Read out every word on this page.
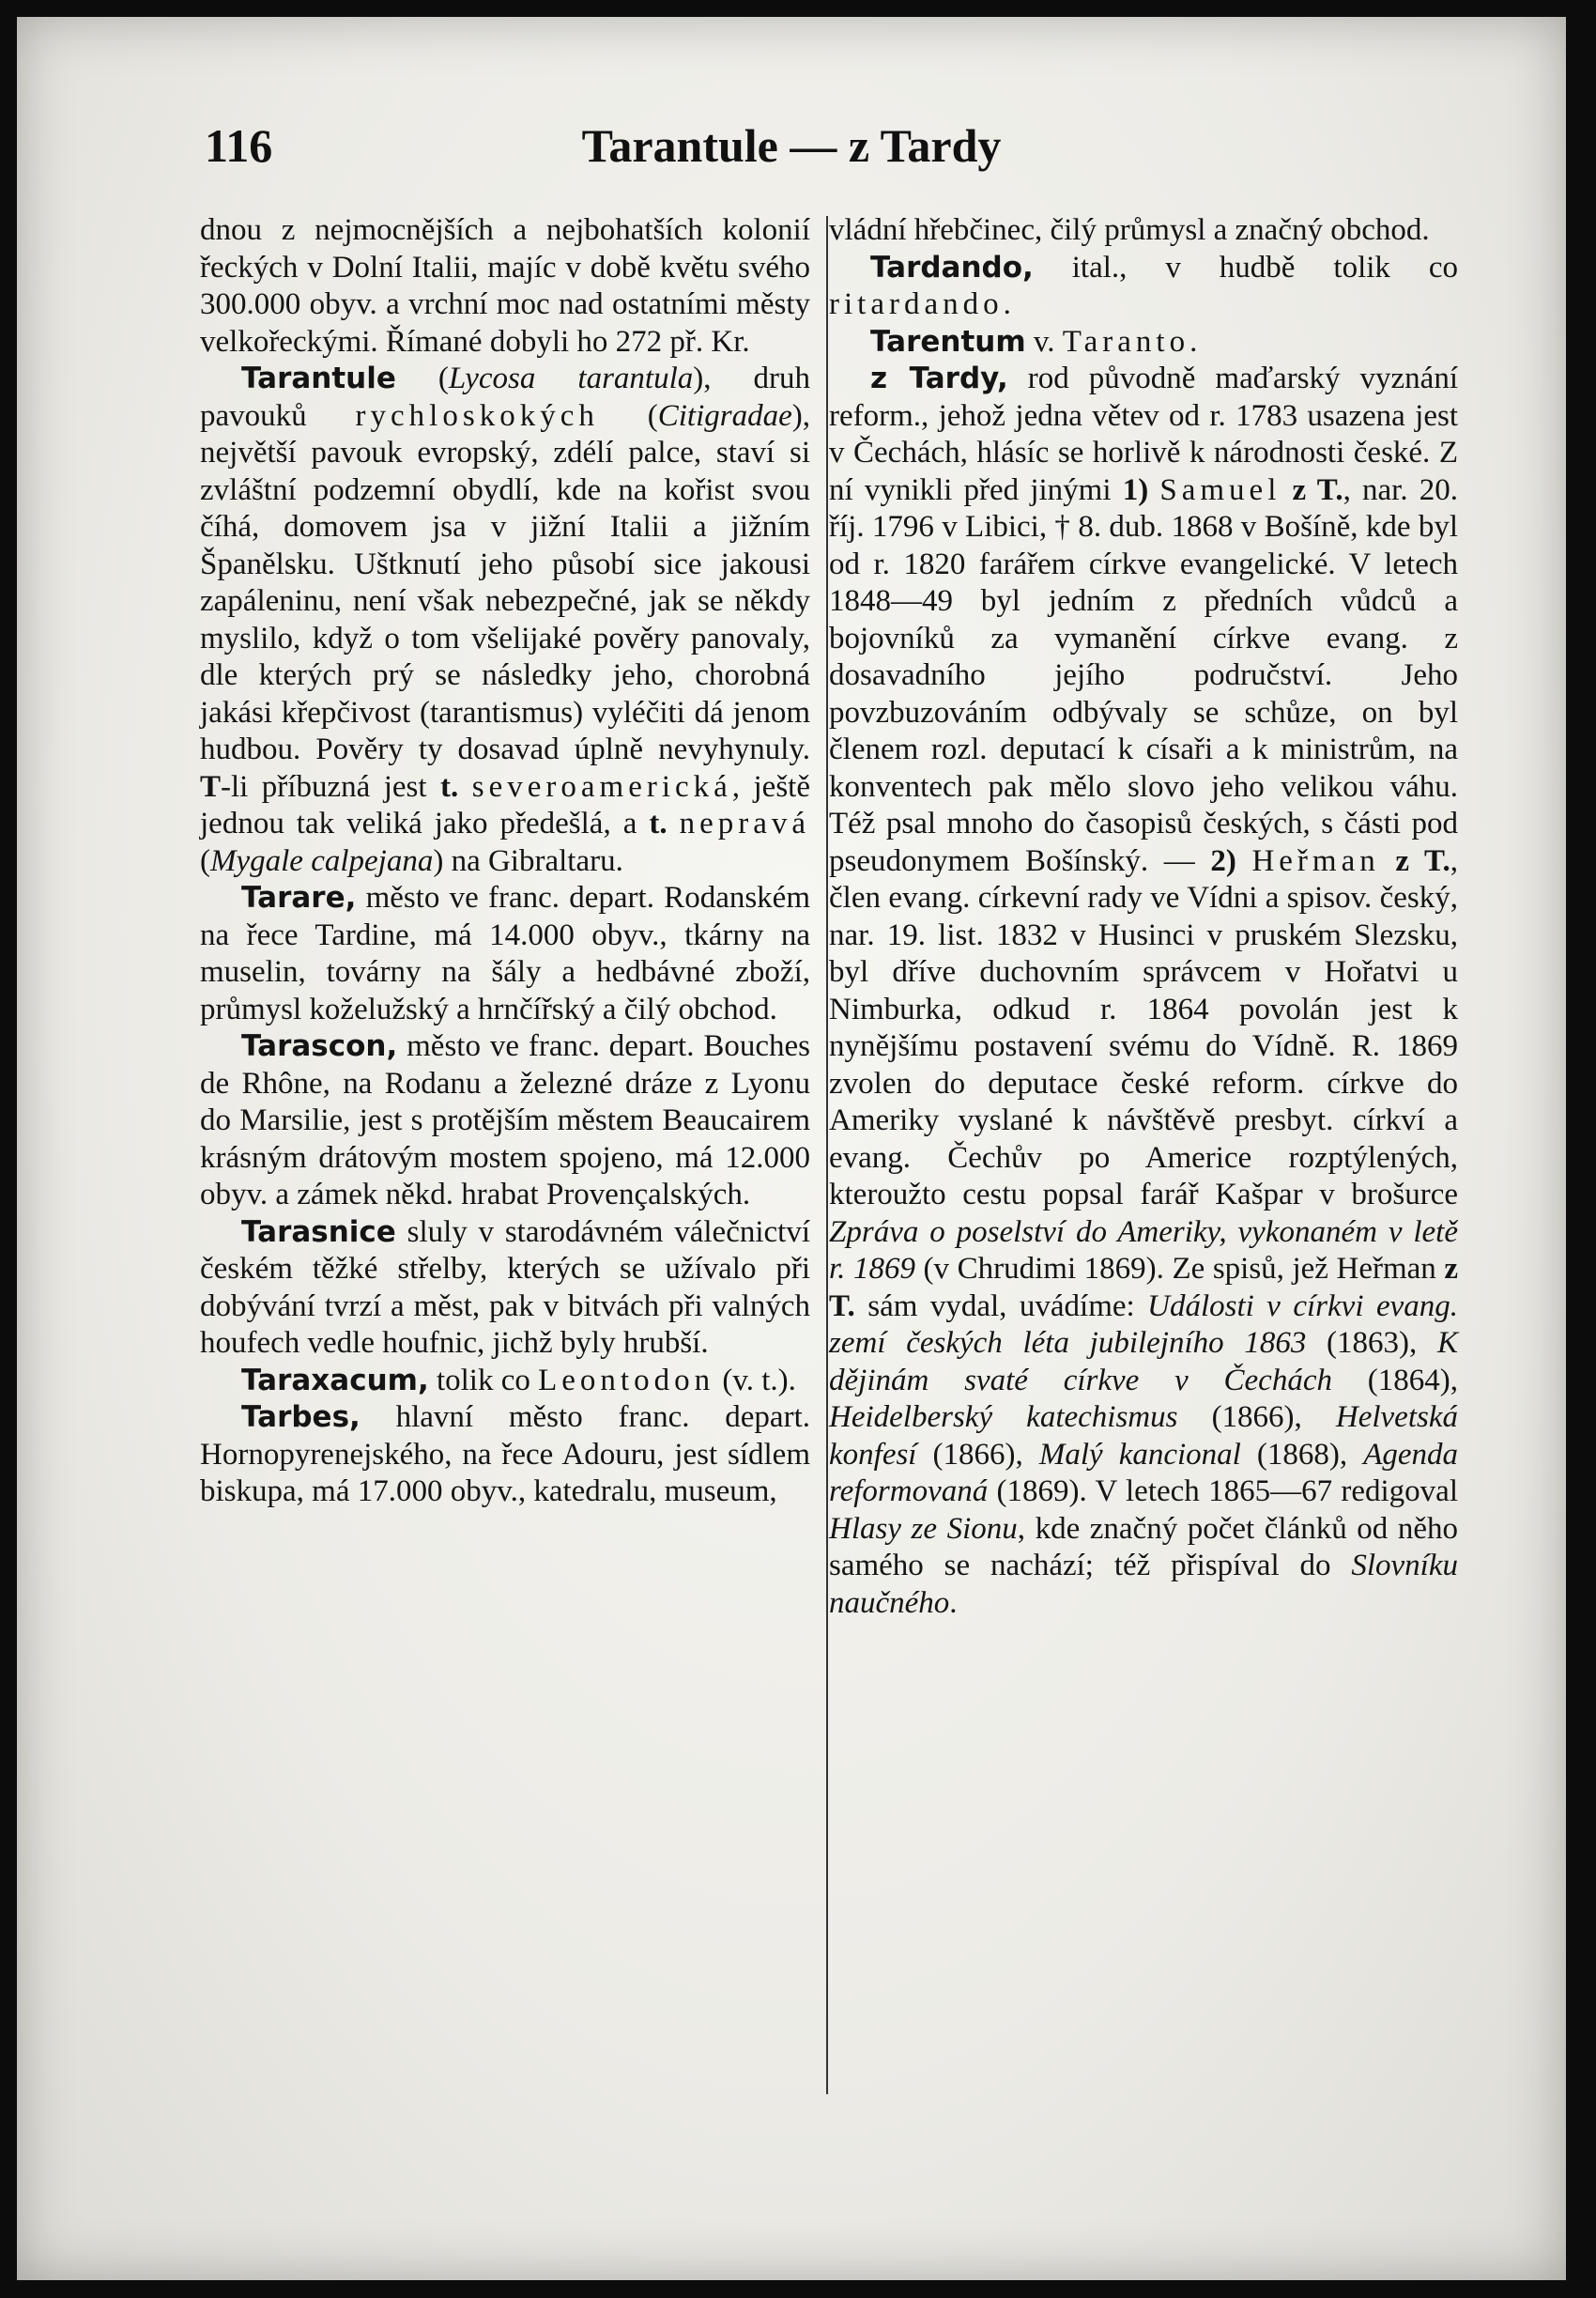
116	Tarantule — z Tardy

dnou z nejmocnějších a nejbohatších kolonií řeckých v Dolní Italii, majíc v době květu svého 300.000 obyv. a vrchní moc nad ostatními městy velkořeckými. Římané dobyli ho 272 př. Kr.

Tarantule (Lycosa tarantula), druh pavouků rychloskokých (Citigradae), největší pavouk evropský, zdélí palce, staví si zvláštní podzemní obydlí, kde na kořist svou číhá, domovem jsa v jižní Italii a jižním Španělsku. Uštknutí jeho působí sice jakousi zapáleninu, není však nebezpečné, jak se někdy myslilo, když o tom všelijaké pověry panovaly, dle kterých prý se následky jeho, chorobná jakási křepčivost (tarantismus) vyléčiti dá jenom hudbou. Pověry ty dosavad úplně nevyhynuly. T-li příbuzná jest t. severoamerická, ještě jednou tak veliká jako předešlá, a t. nepravá (Mygale calpejana) na Gibraltaru.

Tarare, město ve franc. depart. Rodanském na řece Tardine, má 14.000 obyv., tkárny na muselin, továrny na šály a hedbávné zboží, průmysl koželužský a hrnčířský a čilý obchod.

Tarascon, město ve franc. depart. Bouches de Rhône, na Rodanu a železné dráze z Lyonu do Marsilie, jest s protějším městem Beaucairem krásným drátovým mostem spojeno, má 12.000 obyv. a zámek někd. hrabat Provençalských.

Tarasnice sluly v starodávném válečnictví českém těžké střelby, kterých se užívalo při dobývání tvrzí a měst, pak v bitvách při valných houfech vedle houfnic, jichž byly hrubší.

Taraxacum, tolik co Leontodon (v. t.).

Tarbes, hlavní město franc. depart. Hornopyrenejského, na řece Adouru, jest sídlem biskupa, má 17.000 obyv., katedralu, museum,

vládní hřebčinec, čilý průmysl a značný obchod.

Tardando, ital., v hudbě tolik co ritardando.

Tarentum v. Taranto.

z Tardy, rod původně maďarský vyznání reform., jehož jedna větev od r. 1783 usazena jest v Čechách, hlásíc se horlivě k národnosti české. Z ní vynikli před jinými 1) Samuel z T., nar. 20. říj. 1796 v Libici, † 8. dub. 1868 v Bošíně, kde byl od r. 1820 farářem církve evangelické. V letech 1848—49 byl jedním z předních vůdců a bojovníků za vymanění církve evang. z dosavadního jejího područství. Jeho povzbuzováním odbývaly se schůze, on byl členem rozl. deputací k císaři a k ministrům, na konventech pak mělo slovo jeho velikou váhu. Též psal mnoho do časopisů českých, s části pod pseudonymem Bošínský. — 2) Heřman z T., člen evang. církevní rady ve Vídni a spisov. český, nar. 19. list. 1832 v Husinci v pruském Slezsku, byl dříve duchovním správcem v Hořatvi u Nimburka, odkud r. 1864 povolán jest k nynějšímu postavení svému do Vídně. R. 1869 zvolen do deputace české reform. církve do Ameriky vyslané k návštěvě presbyt. církví a evang. Čechův po Americe rozptýlených, kteroužto cestu popsal farář Kašpar v brošurce Zpráva o poselství do Ameriky, vykonaném v letě r. 1869 (v Chrudimi 1869). Ze spisů, jež Heřman z T. sám vydal, uvádíme: Události v církvi evang. zemí českých léta jubilejního 1863 (1863), K dějinám svaté církve v Čechách (1864), Heidelberský katechismus (1866), Helvetská konfesí (1866), Malý kancional (1868), Agenda reformovaná (1869). V letech 1865—67 redigoval Hlasy ze Sionu, kde značný počet článků od něho samého se nachází; též přispíval do Slovníku naučného.
